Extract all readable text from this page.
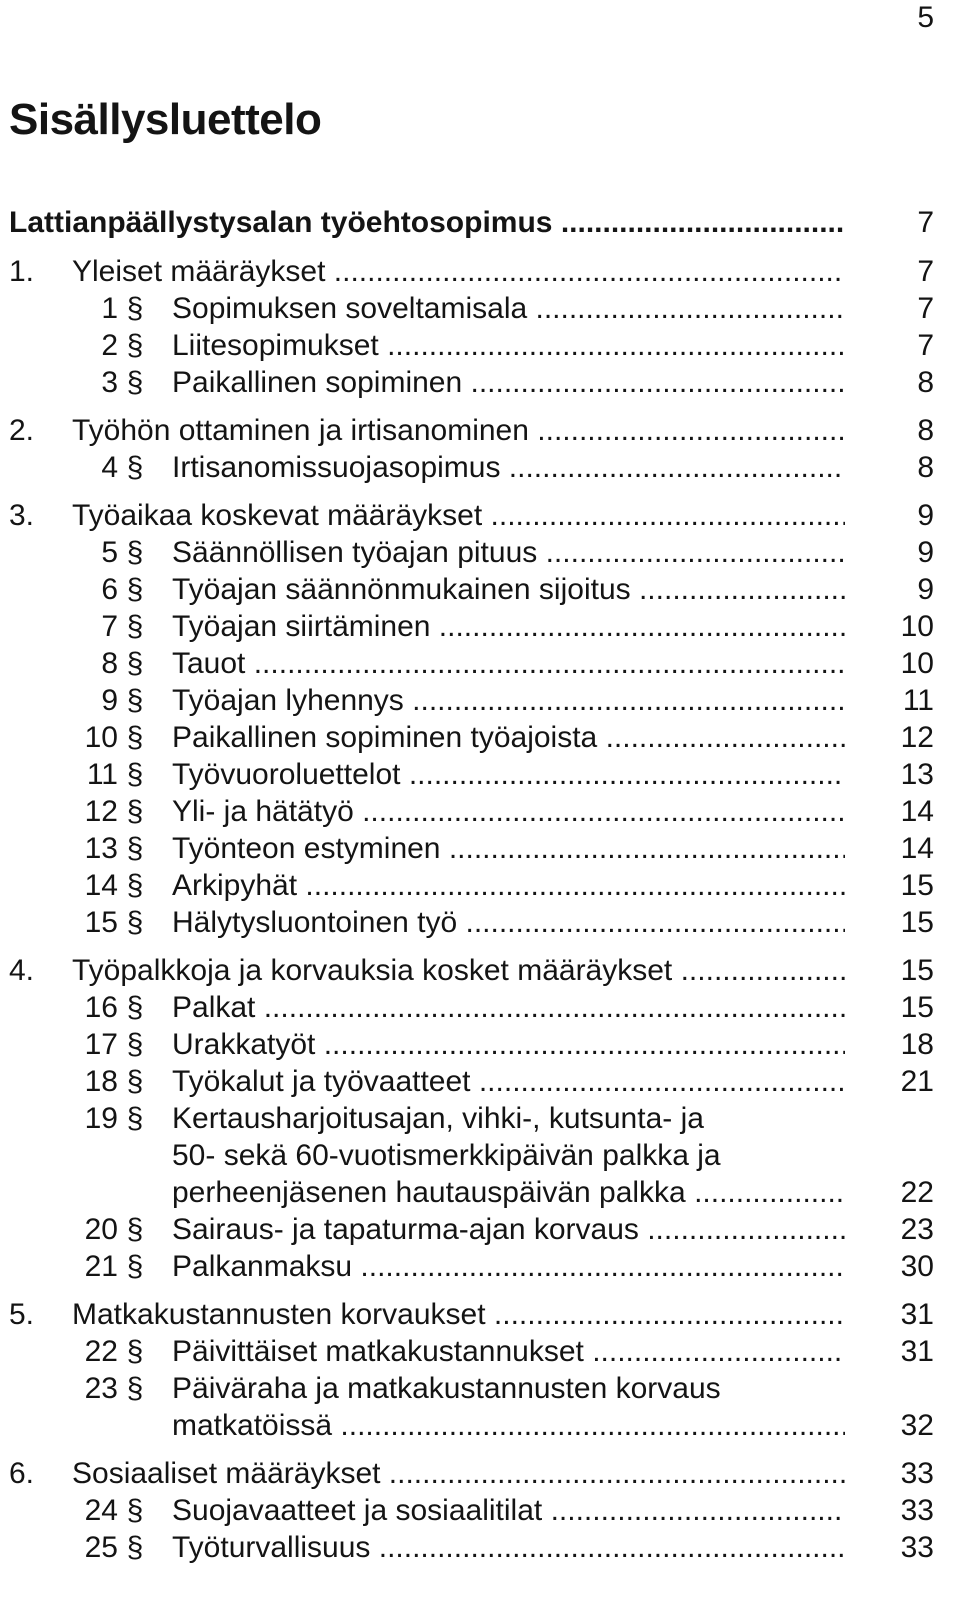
5
Sisällysluettelo
Lattianpäällystysalan työehtosopimus .....	7
1. Yleiset määräykset .....	7
1 § Sopimuksen soveltamisala .....	7
2 § Liitesopimukset .....	7
3 § Paikallinen sopiminen .....	8
2. Työhön ottaminen ja irtisanominen .....	8
4 § Irtisanomissuojasopimus .....	8
3. Työaikaa koskevat määräykset .....	9
5 § Säännöllisen työajan pituus .....	9
6 § Työajan säännönmukainen sijoitus .....	9
7 § Työajan siirtäminen .....	10
8 § Tauot .....	10
9 § Työajan lyhennys .....	11
10 § Paikallinen sopiminen työajoista .....	12
11 § Työvuoroluettelot .....	13
12 § Yli- ja hätätyö .....	14
13 § Työnteon estyminen .....	14
14 § Arkipyhät .....	15
15 § Hälytysluontoinen työ .....	15
4. Työpalkkoja ja korvauksia kosket määräykset .....	15
16 § Palkat .....	15
17 § Urakkatyöt .....	18
18 § Työkalut ja työvaatteet .....	21
19 § Kertausharjoitusajan, vihki-, kutsunta- ja
50- sekä 60-vuotismerkkipäivän palkka ja
perheenjäsenen hautauspäivän palkka .....	22
20 § Sairaus- ja tapaturma-ajan korvaus .....	23
21 § Palkanmaksu .....	30
5. Matkakustannusten korvaukset .....	31
22 § Päivittäiset matkakustannukset .....	31
23 § Päiväraha ja matkakustannusten korvaus
matkatöissä .....	32
6. Sosiaaliset määräykset .....	33
24 § Suojavaatteet ja sosiaalitilat .....	33
25 § Työturvallisuus .....	33
